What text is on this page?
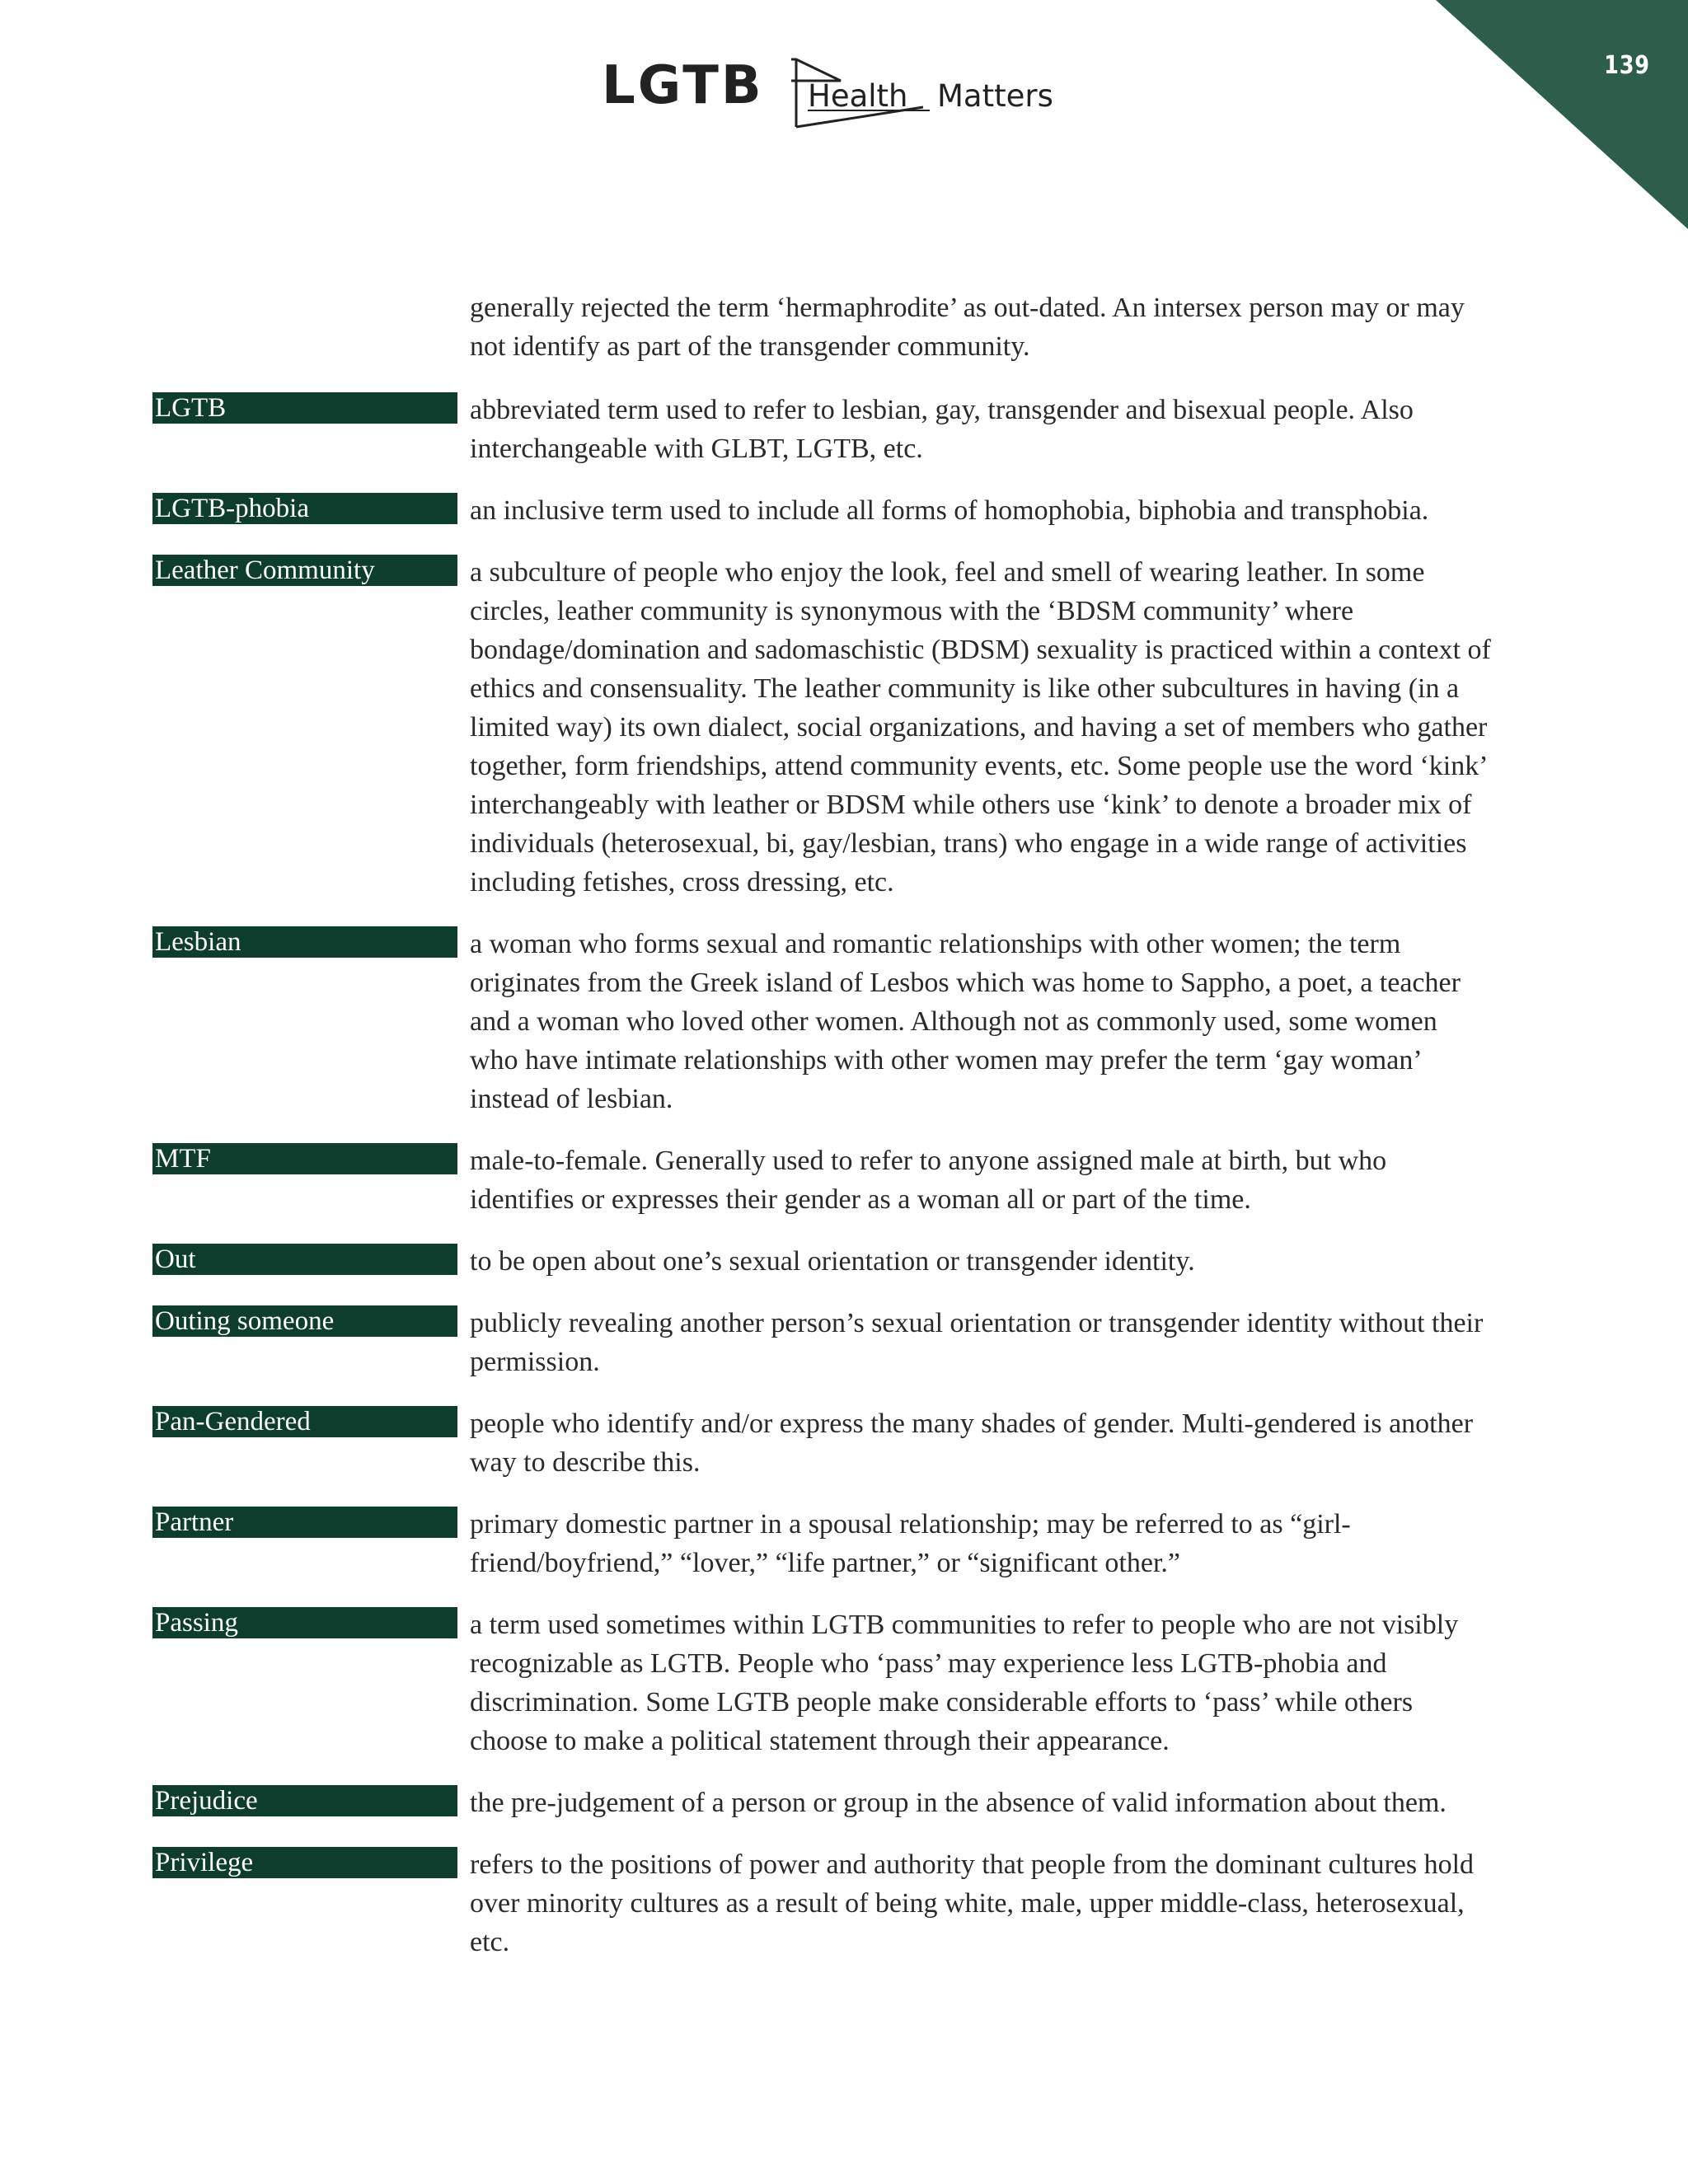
139
LGTB Health Matters

generally rejected the term ‘hermaphrodite’ as out-dated. An intersex person may or may not identify as part of the transgender community.

LGTB	abbreviated term used to refer to lesbian, gay, transgender and bisexual people. Also interchangeable with GLBT, LGTB, etc.

LGTB-phobia	an inclusive term used to include all forms of homophobia, biphobia and transphobia.

Leather Community	a subculture of people who enjoy the look, feel and smell of wearing leather. In some circles, leather community is synonymous with the ‘BDSM community’ where bondage/domination and sadomaschistic (BDSM) sexuality is practiced within a context of ethics and consensuality. The leather community is like other subcultures in having (in a limited way) its own dialect, social organizations, and having a set of members who gather together, form friendships, attend community events, etc. Some people use the word ‘kink’ interchangeably with leather or BDSM while others use ‘kink’ to denote a broader mix of individuals (heterosexual, bi, gay/lesbian, trans) who engage in a wide range of activities including fetishes, cross dressing, etc.

Lesbian	a woman who forms sexual and romantic relationships with other women; the term originates from the Greek island of Lesbos which was home to Sappho, a poet, a teacher and a woman who loved other women. Although not as commonly used, some women who have intimate relationships with other women may prefer the term ‘gay woman’ instead of lesbian.

MTF	male-to-female. Generally used to refer to anyone assigned male at birth, but who identifies or expresses their gender as a woman all or part of the time.

Out	to be open about one’s sexual orientation or transgender identity.

Outing someone	publicly revealing another person’s sexual orientation or transgender identity without their permission.

Pan-Gendered	people who identify and/or express the many shades of gender. Multi-gendered is another way to describe this.

Partner	primary domestic partner in a spousal relationship; may be referred to as “girl-friend/boyfriend,” “lover,” “life partner,” or “significant other.”

Passing	a term used sometimes within LGTB communities to refer to people who are not visibly recognizable as LGTB. People who ‘pass’ may experience less LGTB-phobia and discrimination. Some LGTB people make considerable efforts to ‘pass’ while others choose to make a political statement through their appearance.

Prejudice	the pre-judgement of a person or group in the absence of valid information about them.

Privilege	refers to the positions of power and authority that people from the dominant cultures hold over minority cultures as a result of being white, male, upper middle-class, heterosexual, etc.
